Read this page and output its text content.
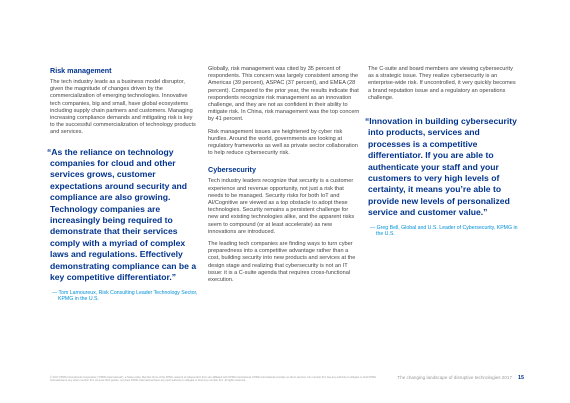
Risk management

The tech industry leads as a business model disruptor, given the magnitude of changes driven by the commercialization of emerging technologies. Innovative tech companies, big and small, have global ecosystems including supply chain partners and customers. Managing increasing compliance demands and mitigating risk is key to the successful commercialization of technology products and services.

“As the reliance on technology companies for cloud and other services grows, customer expectations around security and compliance are also growing. Technology companies are increasingly being required to demonstrate that their services comply with a myriad of complex laws and regulations. Effectively demonstrating compliance can be a key competitive differentiator.”

— Tom Lamoureux, Risk Consulting Leader Technology Sector, KPMG in the U.S.

Globally, risk management was cited by 35 percent of respondents. This concern was largely consistent among the Americas (39 percent), ASPAC (37 percent), and EMEA (28 percent). Compared to the prior year, the results indicate that respondents recognize risk management as an innovation challenge, and they are not as confident in their ability to mitigate risk. In China, risk management was the top concern by 41 percent.

Risk management issues are heightened by cyber risk hurdles. Around the world, governments are looking at regulatory frameworks as well as private sector collaboration to help reduce cybersecurity risk.

Cybersecurity

Tech industry leaders recognize that security is a customer experience and revenue opportunity, not just a risk that needs to be managed. Security risks for both IoT and AI/Cognitive are viewed as a top obstacle to adopt these technologies. Security remains a persistent challenge for new and existing technologies alike, and the apparent risks seem to compound (or at least accelerate) as new innovations are introduced.

The leading tech companies are finding ways to turn cyber preparedness into a competitive advantage rather than a cost, building security into new products and services at the design stage and realizing that cybersecurity is not an IT issue: it is a C-suite agenda that requires cross-functional execution.

The C-suite and board members are viewing cybersecurity as a strategic issue. They realize cybersecurity is an enterprise-wide risk. If uncontrolled, it very quickly becomes a brand reputation issue and a regulatory an operations challenge.

“Innovation in building cybersecurity into products, services and processes is a competitive differentiator. If you are able to authenticate your staff and your customers to very high levels of certainty, it means you’re able to provide new levels of personalized service and customer value.”

— Greg Bell, Global and U.S. Leader of Cybersecurity, KPMG in the U.S.

© 2017 KPMG International Cooperative ("KPMG International"), a Swiss entity. Member firms of the KPMG network of independent firms are affiliated with KPMG International. KPMG International provides no client services. No member firm has any authority to obligate or bind KPMG International or any other member firm vis-à-vis third parties, nor does KPMG International have any such authority to obligate or bind any member firm. All rights reserved.
The changing landscape of disruptive technologies 2017 15
